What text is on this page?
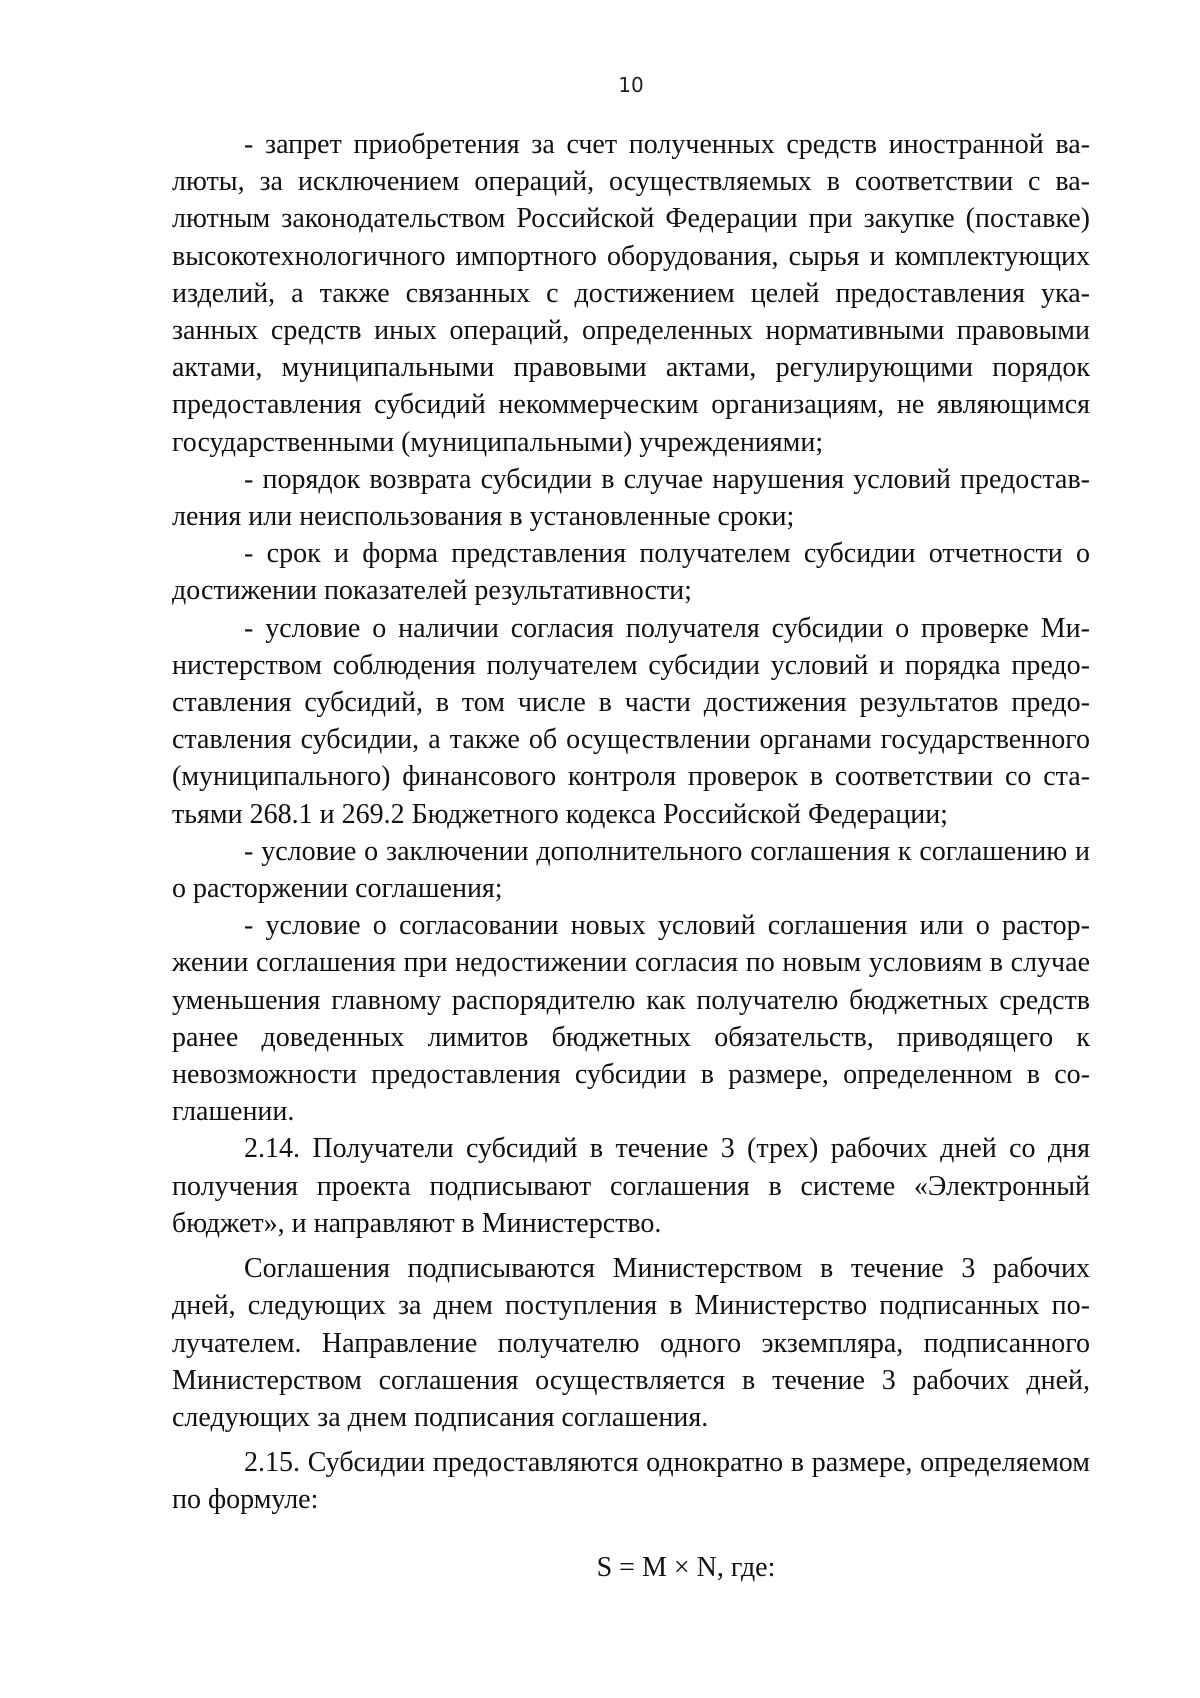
10

- запрет приобретения за счет полученных средств иностранной валюты, за исключением операций, осуществляемых в соответствии с валютным законодательством Российской Федерации при закупке (поставке) высокотехнологичного импортного оборудования, сырья и комплектующих изделий, а также связанных с достижением целей предоставления указанных средств иных операций, определенных нормативными правовыми актами, муниципальными правовыми актами, регулирующими порядок предоставления субсидий некоммерческим организациям, не являющимся государственными (муниципальными) учреждениями;

- порядок возврата субсидии в случае нарушения условий предоставления или неиспользования в установленные сроки;

- срок и форма представления получателем субсидии отчетности о достижении показателей результативности;

- условие о наличии согласия получателя субсидии о проверке Министерством соблюдения получателем субсидии условий и порядка предоставления субсидий, в том числе в части достижения результатов предоставления субсидии, а также об осуществлении органами государственного (муниципального) финансового контроля проверок в соответствии со статьями 268.1 и 269.2 Бюджетного кодекса Российской Федерации;

- условие о заключении дополнительного соглашения к соглашению и о расторжении соглашения;

- условие о согласовании новых условий соглашения или о расторжении соглашения при недостижении согласия по новым условиям в случае уменьшения главному распорядителю как получателю бюджетных средств ранее доведенных лимитов бюджетных обязательств, приводящего к невозможности предоставления субсидии в размере, определенном в соглашении.

2.14. Получатели субсидий в течение 3 (трех) рабочих дней со дня получения проекта подписывают соглашения в системе «Электронный бюджет», и направляют в Министерство.

Соглашения подписываются Министерством в течение 3 рабочих дней, следующих за днем поступления в Министерство подписанных получателем. Направление получателю одного экземпляра, подписанного Министерством соглашения осуществляется в течение 3 рабочих дней, следующих за днем подписания соглашения.

2.15. Субсидии предоставляются однократно в размере, определяемом по формуле:

S = M × N, где:
